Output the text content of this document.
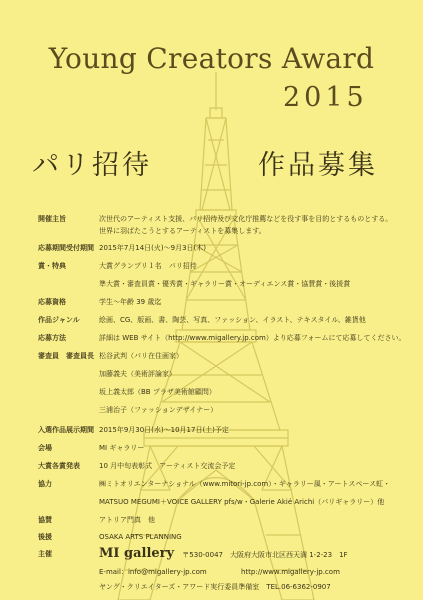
Young Creators Award
2015
パリ招待	作品募集
開催主旨	次世代のアーティスト支援、パリ招待及び文化庁推薦などを役す事を目的とするものとする。
世界に羽ばたこうとするアーティストを募集します。
応募期間受付期間 2015年7月14日(火)～9月3日(木)
賞・特典	大賞グランプリ１名　パリ招待
準大賞・審査員賞・優秀賞・ギャラリー賞・オーディエンス賞・協賛賞・後援賞
応募資格	学生～年齢 39 歳迄
作品ジャンル	絵画、CG、版画、書、陶芸、写真、ファッション、イラスト、テキスタイル、雑貨他
応募方法	詳細は WEB サイト（http://www.migallery.jp.com）より応募フォームにて応募してください。
審査員　審査員長 松谷武判（パリ在住画家）
加藤義夫（美術評論家）
坂上義太郎（BB プラザ美術館顧問）
三浦治子（ファッションデザイナー）
入選作品展示期間 2015年9月30日(水)～10月17日(土)予定
会場	MI ギャラリー
大賞各賞発表	10 月中旬表彰式　アーティスト交流会予定
協力	㈱ミトオリエンターナショナル（www.mitori-jp.com）・ギャラリー風・アートスペース虹・
MATSUO MEGUMI＋VOICE GALLERY pfs/w・Galerie Akié Arichi（パリギャラリー）他
協賛	アトリア門真　他
後援	OSAKA ARTS PLANNING
主催	MI gallery 〒530-0047　大阪府大阪市北区西天満 1-2-23　1F
E-mail：info@migallery-jp.com	http://www.migallery-jp.com
ヤング・クリエイターズ・アワード実行委員準備室　TEL.06-6362-0907
